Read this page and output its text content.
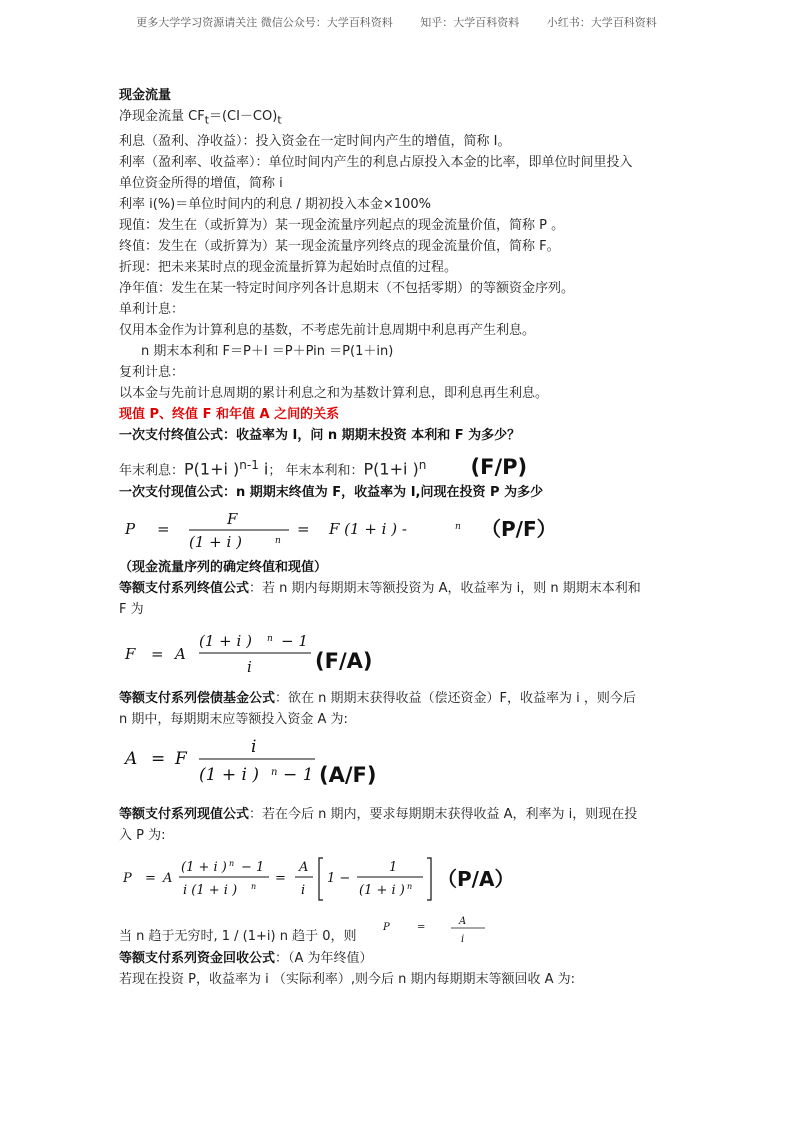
更多大学学习资源请关注 微信公众号：大学百科资料	知乎：大学百科资料	小红书：大学百科资料

现金流量

净现金流量 $CF_t=(CI-CO)_t$

利息（盈利、净收益）：投入资金在一定时间内产生的增值，简称 I。

利率（盈利率、收益率）：单位时间内产生的利息占原投入本金的比率，即单位时间里投入

单位资金所得的增值，简称 i

利率 i(%)＝单位时间内的利息 / 期初投入本金×100%

现值：发生在（或折算为）某一现金流量序列起点的现金流量价值，简称 P 。

终值：发生在（或折算为）某一现金流量序列终点的现金流量价值，简称 F。

折现：把未来某时点的现金流量折算为起始时点值的过程。

净年值：发生在某一特定时间序列各计息期末（不包括零期）的等额资金序列。

单利计息：

仅用本金作为计算利息的基数，不考虑先前计息周期中利息再产生利息。

n 期末本利和 F＝P＋I ＝P＋Pin ＝P(1＋in)

复利计息：

以本金与先前计息周期的累计利息之和为基数计算利息，即利息再生利息。

现值 P、终值 F 和年值 A 之间的关系

一次支付终值公式：收益率为 I，问 n 期期末投资 本利和 F 为多少？

年末利息：P(1+i )$^{n-1}$ i； 年末本利和：P(1+i )$^n$ (F/P)

一次支付现值公式：n 期期末终值为 F，收益率为 I,问现在投资 P 为多少

P =
F
(1 + i )	n
= F (1 + i ) -	n （P/F）

（现金流量序列的确定终值和现值）

等额支付系列终值公式：若 n 期内每期期末等额投资为 A，收益率为 i，则 n 期期末本利和

F 为

F = A
(1 + i ) n − 1
i	(F/A)

等额支付系列偿债基金公式：欲在 n 期期末获得收益（偿还资金）F，收益率为 i ，则今后

n 期中，每期期末应等额投入资金 A 为:

A = F
i
(1 + i ) n − 1 (A/F)

等额支付系列现值公式：若在今后 n 期内，要求每期期末获得收益 A，利率为 i，则现在投

入 P 为:

P = A
(1 + i ) n − 1
i (1 + i ) n
=
A
i
1 −
1
(1 + i ) n （P/A）
当 n 趋于无穷时, 1 / (1+i) n 趋于 0，则
P	=
A
i

等额支付系列资金回收公式：（A 为年终值）

若现在投资 P，收益率为 i （实际利率）,则今后 n 期内每期期末等额回收 A 为:
